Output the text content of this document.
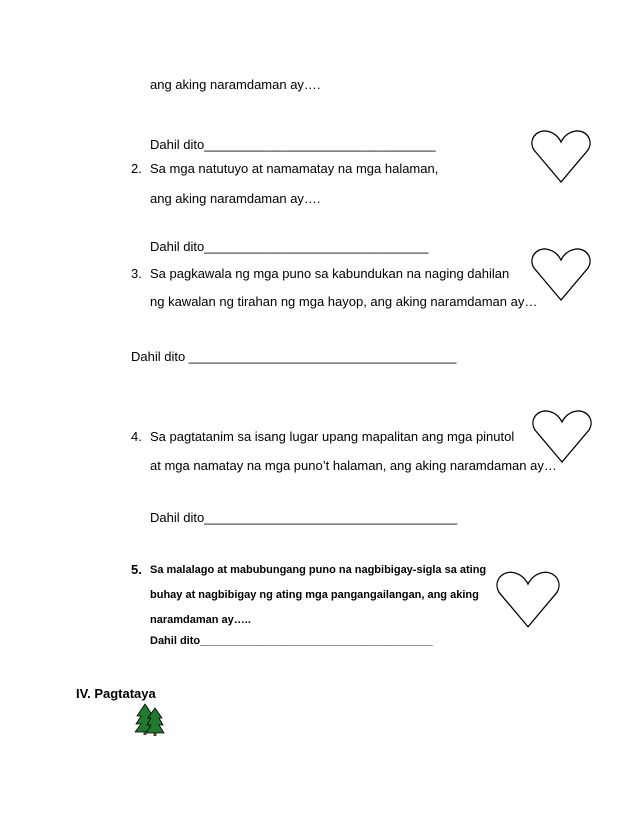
ang aking naramdaman ay….
Dahil dito________________________________
2. Sa mga natutuyo at namamatay na mga halaman,
ang aking naramdaman ay….
Dahil dito_______________________________
3. Sa pagkawala ng mga puno sa kabundukan na naging dahilan
ng kawalan ng tirahan ng mga hayop, ang aking naramdaman ay…
Dahil dito _____________________________________
4. Sa pagtatanim sa isang lugar upang mapalitan ang mga pinutol
at mga namatay na mga puno’t halaman, ang aking naramdaman ay…
Dahil dito___________________________________
5. Sa malalago at mabubungang puno na nagbibigay-sigla sa ating
buhay at nagbibigay ng ating mga pangangailangan, ang aking
naramdaman ay…..
Dahil dito______________________________________
IV. Pagtataya
